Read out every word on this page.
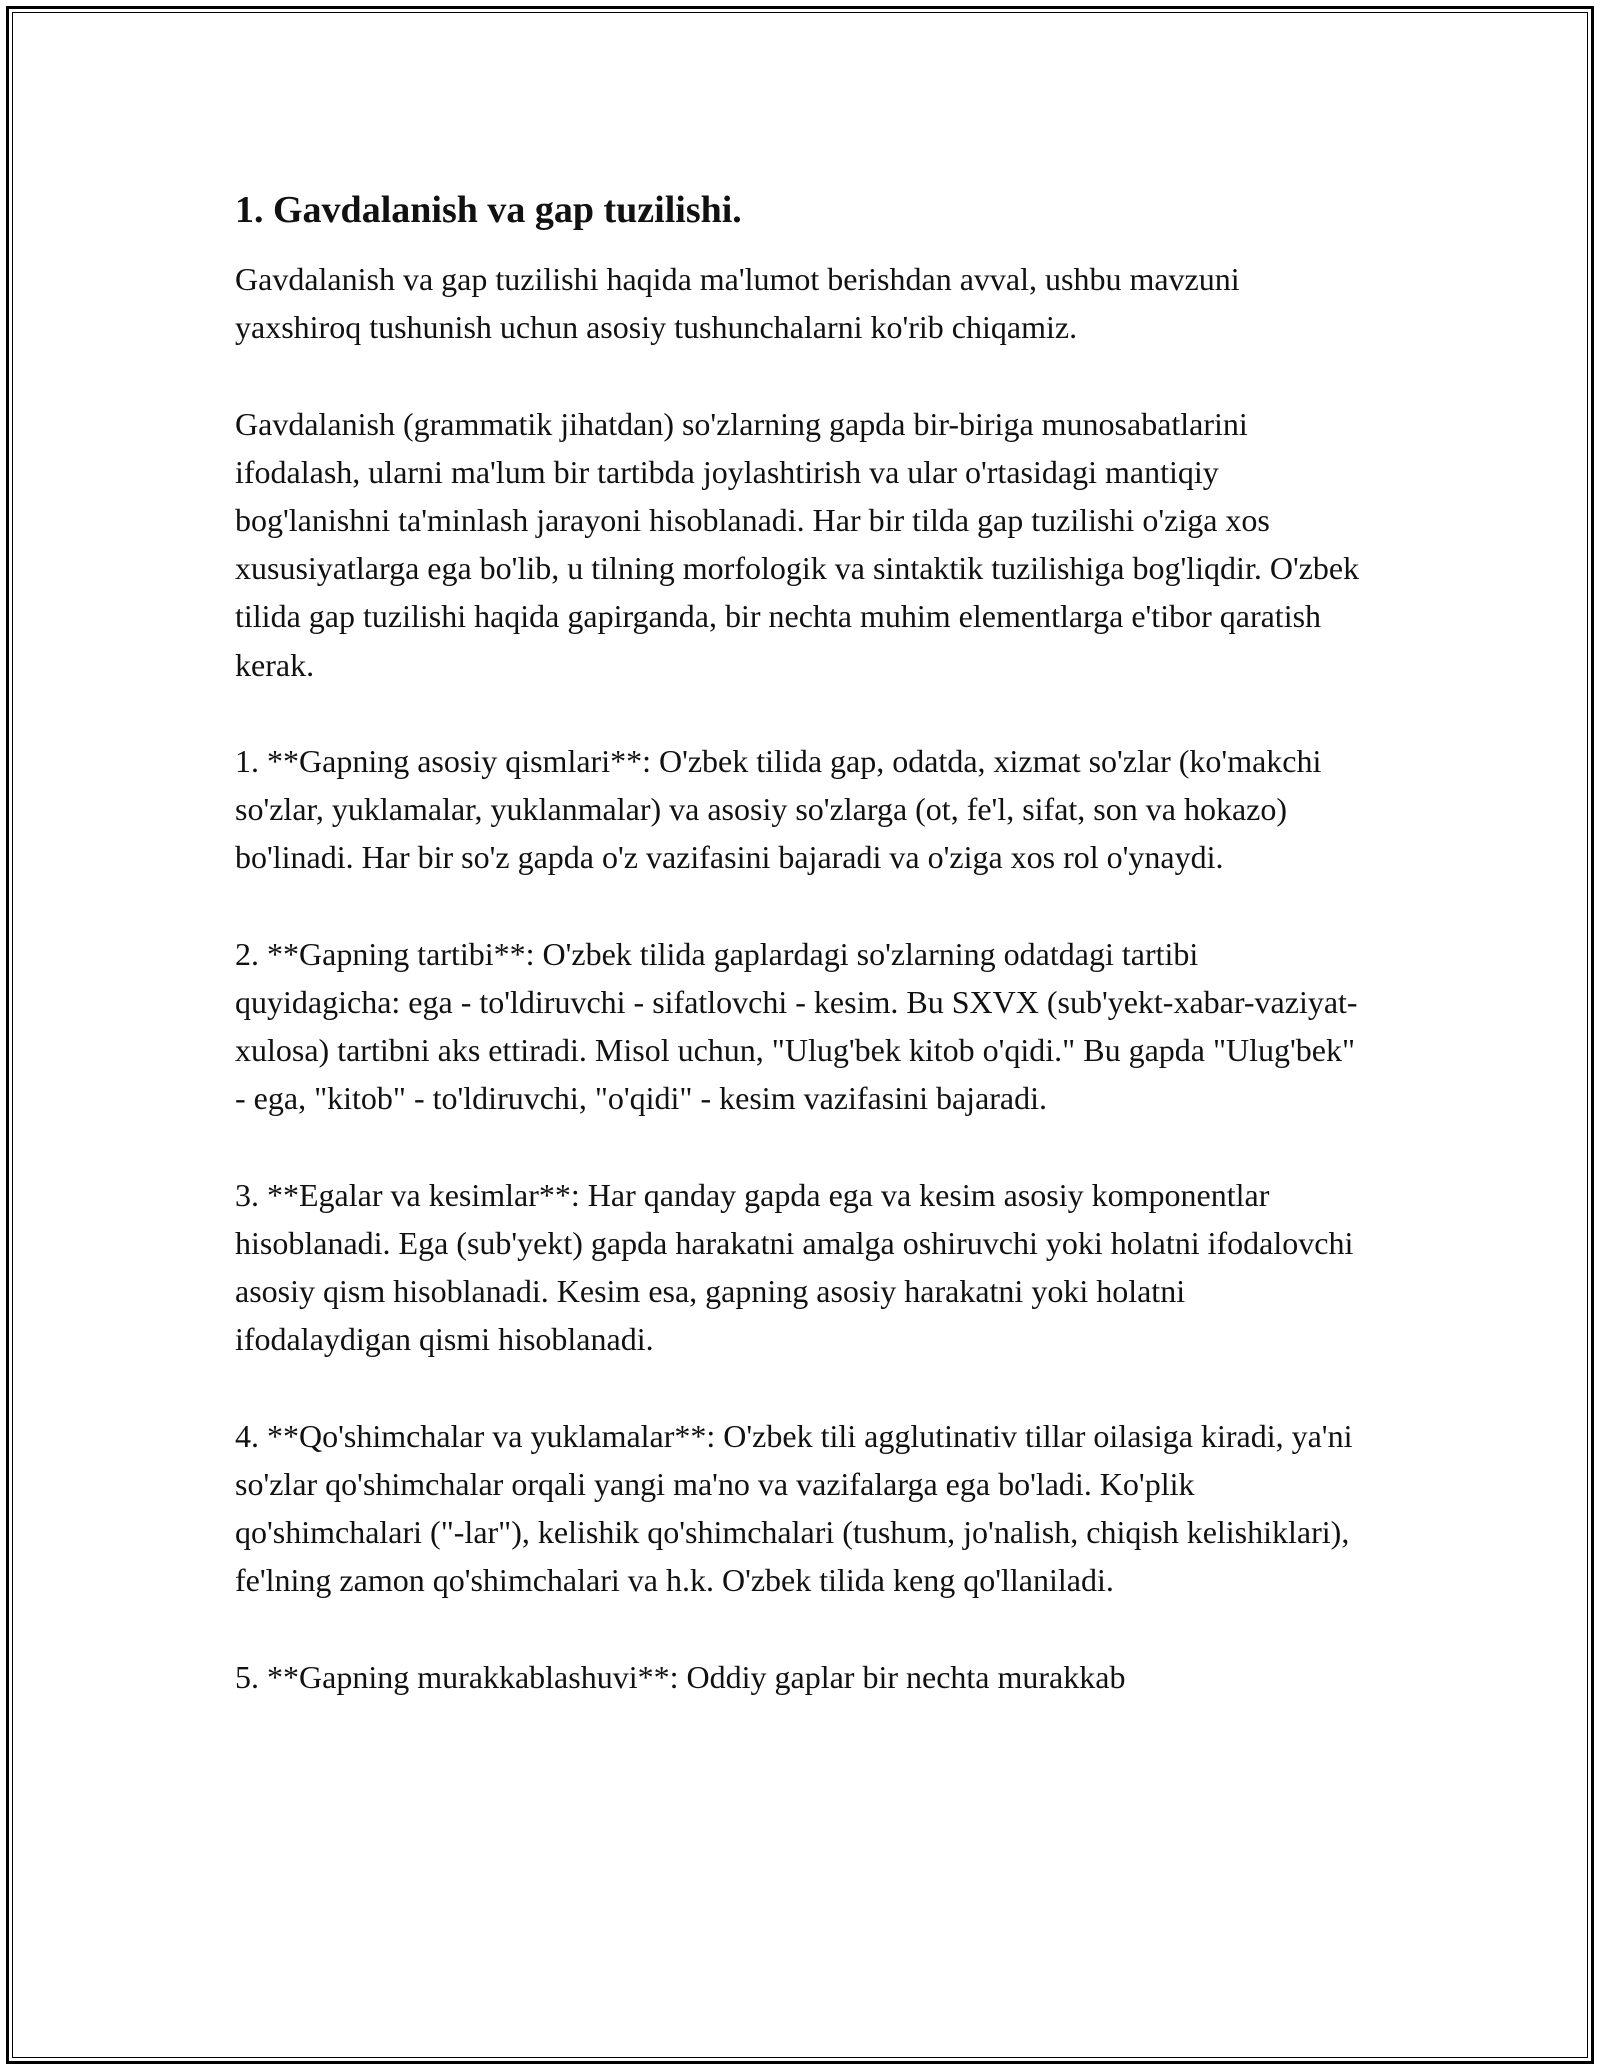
1. Gavdalanish va gap tuzilishi.

Gavdalanish va gap tuzilishi haqida ma'lumot berishdan avval, ushbu mavzuni yaxshiroq tushunish uchun asosiy tushunchalarni ko'rib chiqamiz.

Gavdalanish (grammatik jihatdan) so'zlarning gapda bir-biriga munosabatlarini ifodalash, ularni ma'lum bir tartibda joylashtirish va ular o'rtasidagi mantiqiy bog'lanishni ta'minlash jarayoni hisoblanadi. Har bir tilda gap tuzilishi o'ziga xos xususiyatlarga ega bo'lib, u tilning morfologik va sintaktik tuzilishiga bog'liqdir. O'zbek tilida gap tuzilishi haqida gapirganda, bir nechta muhim elementlarga e'tibor qaratish kerak.

1. **Gapning asosiy qismlari**: O'zbek tilida gap, odatda, xizmat so'zlar (ko'makchi so'zlar, yuklamalar, yuklanmalar) va asosiy so'zlarga (ot, fe'l, sifat, son va hokazo) bo'linadi. Har bir so'z gapda o'z vazifasini bajaradi va o'ziga xos rol o'ynaydi.

2. **Gapning tartibi**: O'zbek tilida gaplardagi so'zlarning odatdagi tartibi quyidagicha: ega - to'ldiruvchi - sifatlovchi - kesim. Bu SXVX (sub'yekt-xabar-vaziyat-xulosa) tartibni aks ettiradi. Misol uchun, "Ulug'bek kitob o'qidi." Bu gapda "Ulug'bek" - ega, "kitob" - to'ldiruvchi, "o'qidi" - kesim vazifasini bajaradi.

3. **Egalar va kesimlar**: Har qanday gapda ega va kesim asosiy komponentlar hisoblanadi. Ega (sub'yekt) gapda harakatni amalga oshiruvchi yoki holatni ifodalovchi asosiy qism hisoblanadi. Kesim esa, gapning asosiy harakatni yoki holatni ifodalaydigan qismi hisoblanadi.

4. **Qo'shimchalar va yuklamalar**: O'zbek tili agglutinativ tillar oilasiga kiradi, ya'ni so'zlar qo'shimchalar orqali yangi ma'no va vazifalarga ega bo'ladi. Ko'plik qo'shimchalari ("-lar"), kelishik qo'shimchalari (tushum, jo'nalish, chiqish kelishiklari), fe'lning zamon qo'shimchalari va h.k. O'zbek tilida keng qo'llaniladi.

5. **Gapning murakkablashuvi**: Oddiy gaplar bir nechta murakkab
